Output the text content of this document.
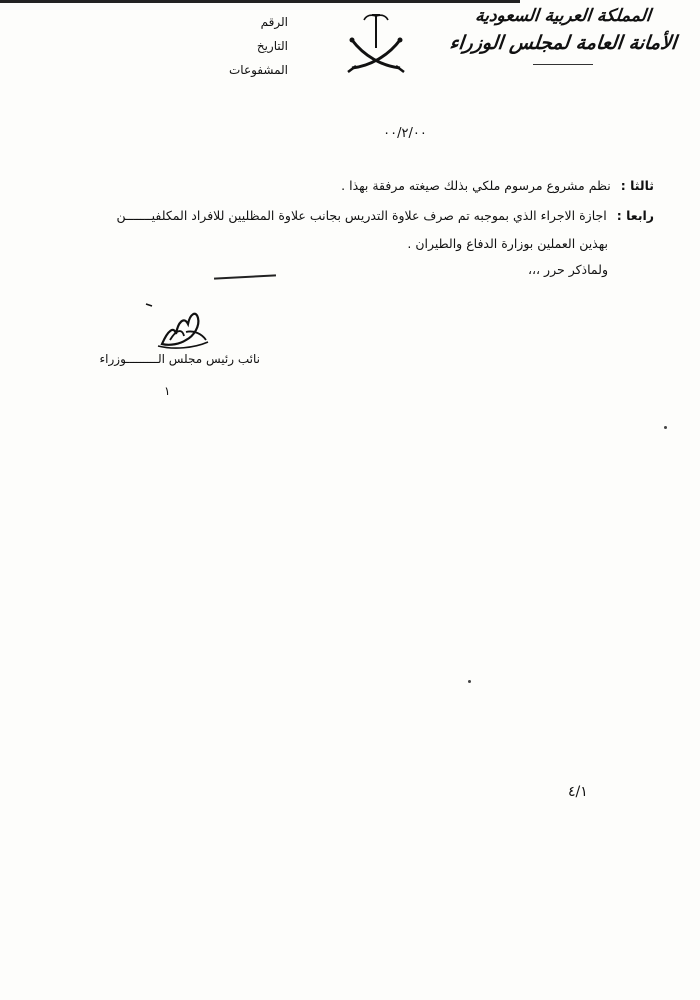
المملكة العربية السعودية
الأمانة العامة لمجلس الوزراء
الرقم
التاريخ
المشفوعات
۰۰/۲/۰۰
ثالثا : نظم مشروع مرسوم ملكي بذلك صيغته مرفقة بهذا .
رابعا : اجازة الاجراء الذي بموجبه تم صرف علاوة التدريس بجانب علاوة المظليين للافراد المكلفيـــــــن
بهذين العملين بوزارة الدفاع والطيران .
ولماذكر حرر ،،،
نائب رئيس مجلس الـــــــــوزراء
١
٤/١
